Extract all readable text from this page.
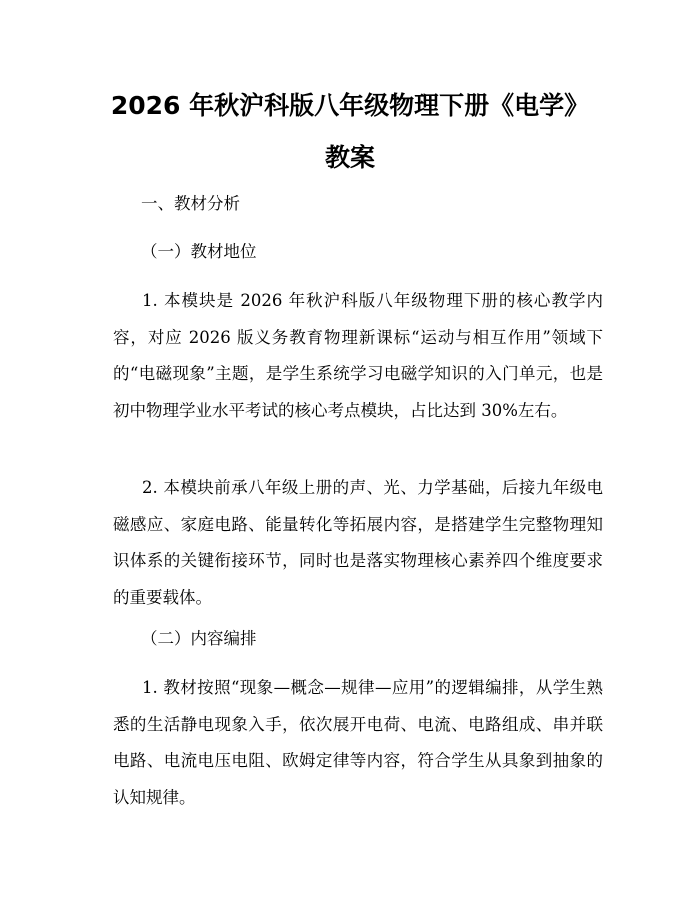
2026 年秋沪科版八年级物理下册《电学》教案

一、教材分析

（一）教材地位

1. 本模块是 2026 年秋沪科版八年级物理下册的核心教学内容，对应 2026 版义务教育物理新课标“运动与相互作用”领域下的“电磁现象”主题，是学生系统学习电磁学知识的入门单元，也是初中物理学业水平考试的核心考点模块，占比达到 30%左右。

2. 本模块前承八年级上册的声、光、力学基础，后接九年级电磁感应、家庭电路、能量转化等拓展内容，是搭建学生完整物理知识体系的关键衔接环节，同时也是落实物理核心素养四个维度要求的重要载体。

（二）内容编排

1. 教材按照“现象—概念—规律—应用”的逻辑编排，从学生熟悉的生活静电现象入手，依次展开电荷、电流、电路组成、串并联电路、电流电压电阻、欧姆定律等内容，符合学生从具象到抽象的认知规律。
